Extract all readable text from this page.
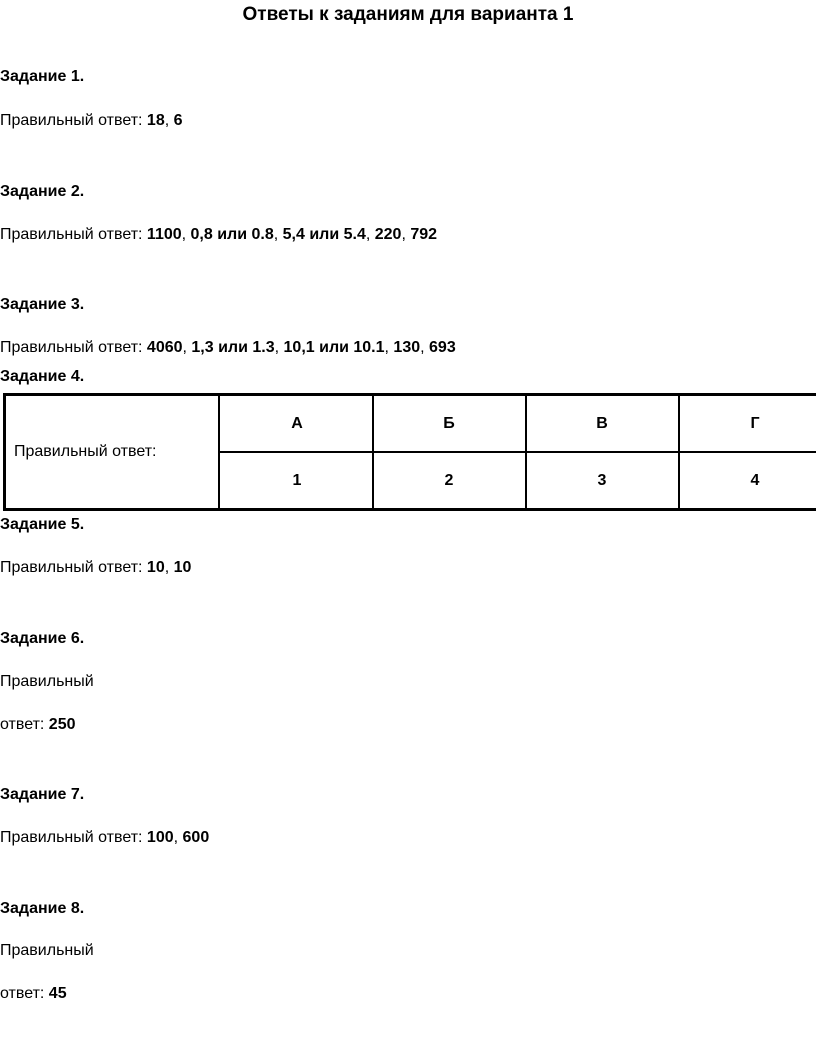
Ответы к заданиям для варианта 1
Задание 1.
Правильный ответ: 18, 6
Задание 2.
Правильный ответ: 1100, 0,8 или 0.8, 5,4 или 5.4, 220, 792
Задание 3.
Правильный ответ: 4060, 1,3 или 1.3, 10,1 или 10.1, 130, 693
Задание 4.
Правильный ответ:
А	Б	В	Г
1	2	3	4
Задание 5.
Правильный ответ: 10, 10
Задание 6.
Правильный
ответ: 250
Задание 7.
Правильный ответ: 100, 600
Задание 8.
Правильный
ответ: 45
